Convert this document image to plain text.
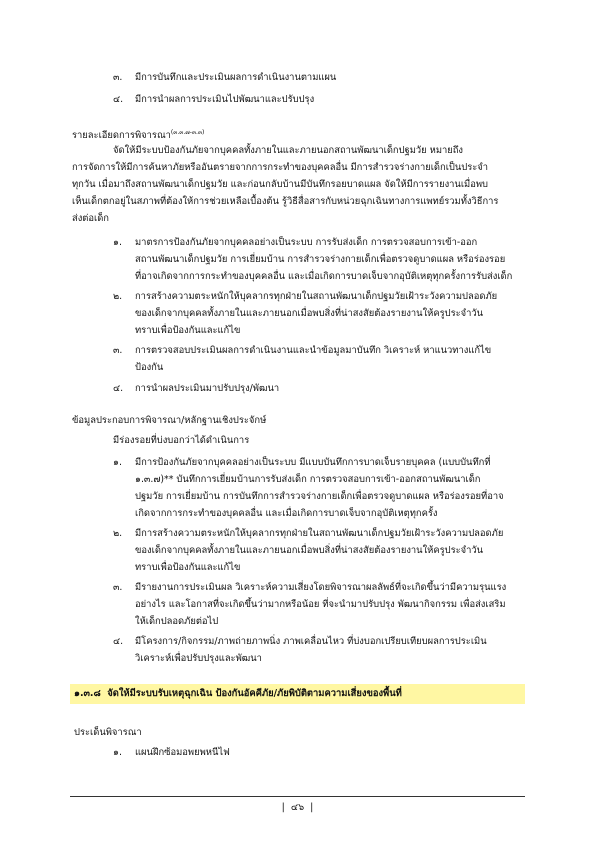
๓. มีการบันทึกและประเมินผลการดำเนินงานตามแผน
๔. มีการนำผลการประเมินไปพัฒนาและปรับปรุง
รายละเอียดการพิจารณา$^{(๓.๓.๗-๓.๓)}$
จัดให้มีระบบป้องกันภัยจากบุคคลทั้งภายในและภายนอกสถานพัฒนาเด็กปฐมวัย หมายถึง
การจัดการให้มีการค้นหาภัยหรืออันตรายจากการกระทำของบุคคลอื่น มีการสำรวจร่างกายเด็กเป็นประจำ
ทุกวัน เมื่อมาถึงสถานพัฒนาเด็กปฐมวัย และก่อนกลับบ้านมีบันทึกรอยบาดแผล จัดให้มีการรายงานเมื่อพบ
เห็นเด็กตกอยู่ในสภาพที่ต้องให้การช่วยเหลือเบื้องต้น รู้วิธีสื่อสารกับหน่วยฉุกเฉินทางการแพทย์รวมทั้งวิธีการ
ส่งต่อเด็ก
๑. มาตรการป้องกันภัยจากบุคคลอย่างเป็นระบบ การรับส่งเด็ก การตรวจสอบการเข้า-ออก
สถานพัฒนาเด็กปฐมวัย การเยี่ยมบ้าน การสำรวจร่างกายเด็กเพื่อตรวจดูบาดแผล หรือร่องรอย
ที่อาจเกิดจากการกระทำของบุคคลอื่น และเมื่อเกิดการบาดเจ็บจากอุบัติเหตุทุกครั้งการรับส่งเด็ก
๒. การสร้างความตระหนักให้บุคลากรทุกฝ่ายในสถานพัฒนาเด็กปฐมวัยเฝ้าระวังความปลอดภัย
ของเด็กจากบุคคลทั้งภายในและภายนอกเมื่อพบสิ่งที่น่าสงสัยต้องรายงานให้ครูประจำวัน
ทราบเพื่อป้องกันและแก้ไข
๓. การตรวจสอบประเมินผลการดำเนินงานและนำข้อมูลมาบันทึก วิเคราะห์ หาแนวทางแก้ไข
ป้องกัน
๔. การนำผลประเมินมาปรับปรุง/พัฒนา
ข้อมูลประกอบการพิจารณา/หลักฐานเชิงประจักษ์
มีร่องรอยที่บ่งบอกว่าได้ดำเนินการ
๑. มีการป้องกันภัยจากบุคคลอย่างเป็นระบบ มีแบบบันทึกการบาดเจ็บรายบุคคล (แบบบันทึกที่
๑.๓.๗)** บันทึกการเยี่ยมบ้านการรับส่งเด็ก การตรวจสอบการเข้า-ออกสถานพัฒนาเด็ก
ปฐมวัย การเยี่ยมบ้าน การบันทึกการสำรวจร่างกายเด็กเพื่อตรวจดูบาดแผล หรือร่องรอยที่อาจ
เกิดจากการกระทำของบุคคลอื่น และเมื่อเกิดการบาดเจ็บจากอุบัติเหตุทุกครั้ง
๒. มีการสร้างความตระหนักให้บุคลากรทุกฝ่ายในสถานพัฒนาเด็กปฐมวัยเฝ้าระวังความปลอดภัย
ของเด็กจากบุคคลทั้งภายในและภายนอกเมื่อพบสิ่งที่น่าสงสัยต้องรายงานให้ครูประจำวัน
ทราบเพื่อป้องกันและแก้ไข
๓. มีรายงานการประเมินผล วิเคราะห์ความเสี่ยงโดยพิจารณาผลลัพธ์ที่จะเกิดขึ้นว่ามีความรุนแรง
อย่างไร และโอกาสที่จะเกิดขึ้นว่ามากหรือน้อย ที่จะนำมาปรับปรุง พัฒนากิจกรรม เพื่อส่งเสริม
ให้เด็กปลอดภัยต่อไป
๔. มีโครงการ/กิจกรรม/ภาพถ่ายภาพนิ่ง ภาพเคลื่อนไหว ที่บ่งบอกเปรียบเทียบผลการประเมิน
วิเคราะห์เพื่อปรับปรุงและพัฒนา
๑.๓.๘ จัดให้มีระบบรับเหตุฉุกเฉิน ป้องกันอัคคีภัย/ภัยพิบัติตามความเสี่ยงของพื้นที่
ประเด็นพิจารณา
๑. แผนฝึกซ้อมอพยพหนีไฟ
|  ๔๖  |
